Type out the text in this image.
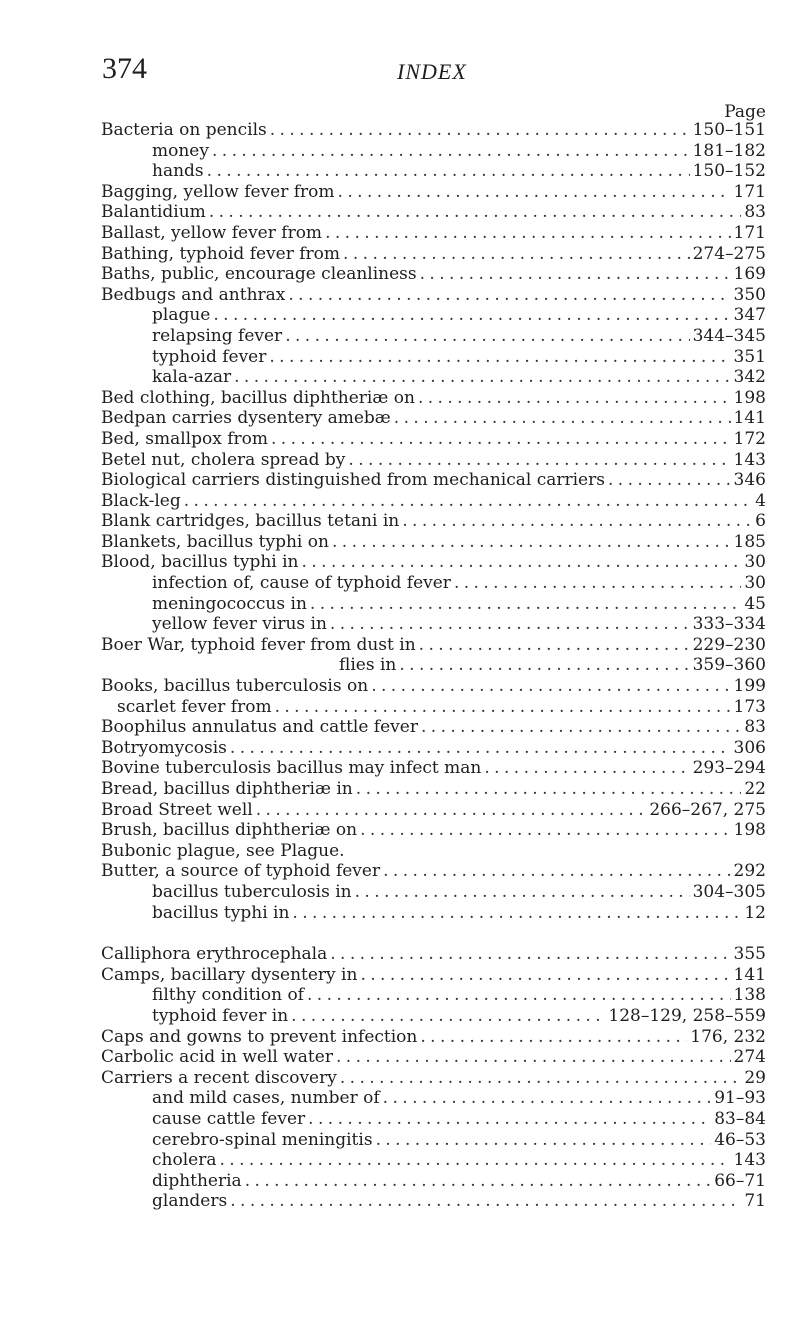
374	INDEX
Page
Bacteria on pencils . . .	150–151
money . . .	181–182
hands . . .	150–152
Bagging, yellow fever from . . .	171
Balantidium . . .	83
Ballast, yellow fever from . . .	171
Bathing, typhoid fever from . . .	274–275
Baths, public, encourage cleanliness . . .	169
Bedbugs and anthrax . . .	350
plague . . .	347
relapsing fever . . .	344–345
typhoid fever . . .	351
kala-azar . . .	342
Bed clothing, bacillus diphtheriæ on . . .	198
Bedpan carries dysentery amebæ . . .	141
Bed, smallpox from . . .	172
Betel nut, cholera spread by . . .	143
Biological carriers distinguished from mechanical carriers . . .	346
Black-leg . . .	4
Blank cartridges, bacillus tetani in . . .	6
Blankets, bacillus typhi on . . .	185
Blood, bacillus typhi in . . .	30
infection of, cause of typhoid fever . . .	30
meningococcus in . . .	45
yellow fever virus in . . .	333–334
Boer War, typhoid fever from dust in . . .	229–230
flies in . . .	359–360
Books, bacillus tuberculosis on . . .	199
scarlet fever from . . .	173
Boophilus annulatus and cattle fever . . .	83
Botryomycosis . . .	306
Bovine tuberculosis bacillus may infect man . . .	293–294
Bread, bacillus diphtheriæ in . . .	22
Broad Street well . . .	266–267, 275
Brush, bacillus diphtheriæ on . . .	198
Bubonic plague, see Plague.
Butter, a source of typhoid fever . . .	292
bacillus tuberculosis in . . .	304–305
bacillus typhi in . . .	12
Calliphora erythrocephala . . .	355
Camps, bacillary dysentery in . . .	141
filthy condition of . . .	138
typhoid fever in . . .	128–129, 258–559
Caps and gowns to prevent infection . . .	176, 232
Carbolic acid in well water . . .	274
Carriers a recent discovery . . .	29
and mild cases, number of . . .	91–93
cause cattle fever . . .	83–84
cerebro-spinal meningitis . . .	46–53
cholera . . .	143
diphtheria . . .	66–71
glanders . . .	71
